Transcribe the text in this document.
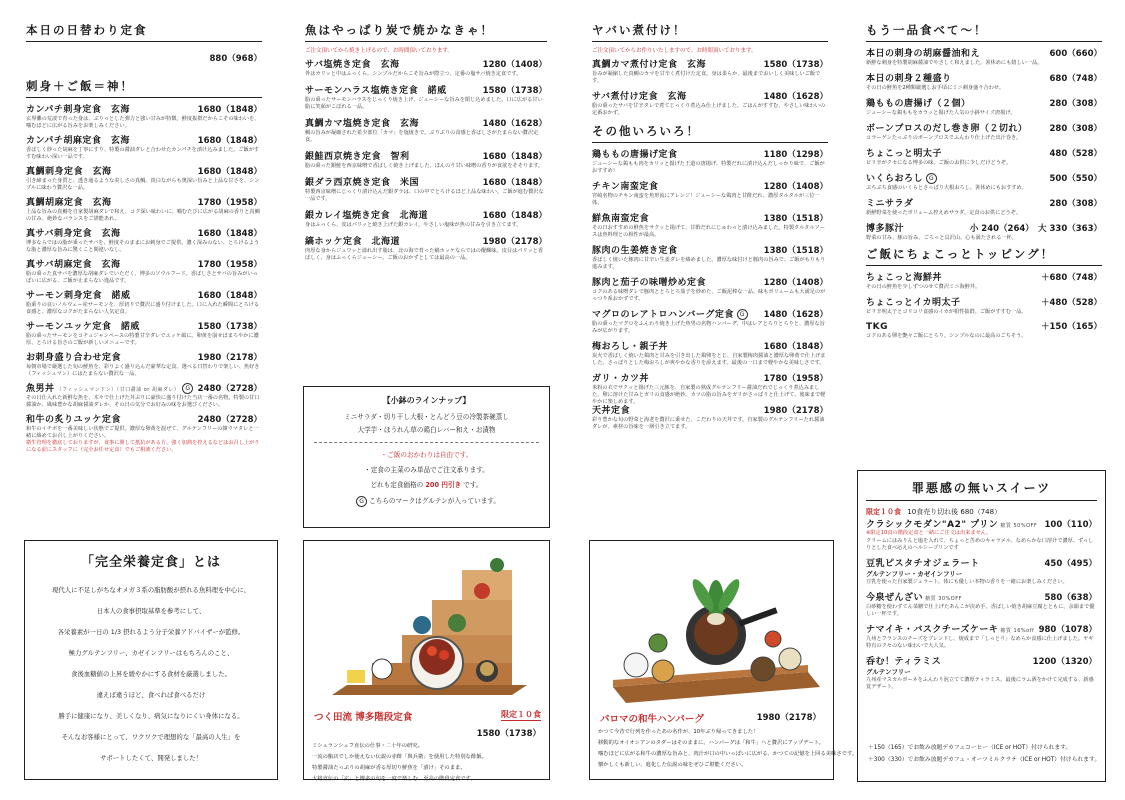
本日の日替わり定食
880（968）
刺身＋ご飯＝神！
カンパチ刺身定食　玄海	1680（1848）
玄界灘の荒波で育った身は、ぷりっとした弾力と強い甘みが特徴。鮮度抜群だからこその味わいを、噛むほどに広がる旨みをお楽しみください。
カンパチ胡麻定食　玄海	1680（1848）
香ばしく炒った胡麻を丁寧にすり、特製の醤油ダレと合わせたカンパチを漬け込みました。ご飯がすすむ味わい深い一品です。
真鯛刺身定食　玄海	1680（1848）
引き締まった身質と、透き通るような美しさの真鯛。淡白ながらも奥深い旨みと上品な甘さを、シンプルに味わう贅沢な一品。
真鯛胡麻定食　玄海	1780（1958）
上品な旨みの真鯛を自家製胡麻ダレで和え、コク深い味わいに。噛むたびに広がる胡麻の香りと真鯛の甘み、絶妙なバランスをご堪能あれ。
真サバ刺身定食　玄海	1680（1848）
博多ならではの脂が乗ったサバを、鮮度そのままにお刺身でご提供。濃く深みのない、とろけるような脂と濃厚な旨みに驚くこと間違いなし。
真サバ胡麻定食　玄海	1780（1958）
脂の乗った真サバを濃厚な胡麻ダレでいただく、博多のソウルフード。香ばしさとサバの旨みがいっぱいに広がる、ご飯が止まらない逸品です。
サーモン刺身定食　諾威	1680（1848）
脂乗りの良いノルウェー産サーモンを、厚切りで贅沢に盛り付けました。口に入れた瞬間にとろける食感と、濃厚なコクがたまらない人気定食。
サーモンユッケ定食　諾威	1580（1738）
脂の乗ったサーモンをコチュジャンベースの特製甘辛ダレでユッケ風に。卵黄を崩せばまろやかに濃厚、とろける旨さのご飯が新しいメニューです。
お刺身盛り合わせ定食	1980（2178）
毎朝市場で厳選した旬の鮮魚を、彩りよく盛り込んだ豪華な定食。選べる日替わりで楽しい、魚好き（フィッシュマン）にはたまらない贅沢な一品。
魚男丼 （フィッシュマンドン）（甘口醤油 or 胡麻ダレ） G 2480（2728）
その日仕入れた新鮮な魚を、木々で仕上げた丼ぶりに豪快に盛り付けた当店一番の名物。特製の甘口醤油か、風味豊かな胡麻醤油ダレか、その日の気分でお好みの味をお選びください。
和牛の炙りユッケ定食	2480（2728）
和牛のイチボを一番美味しい状態でご提供。濃厚な卵黄を混ぜて、グルテンフリーの韓ウマタレと一緒に絡めてお召し上がりください。
衛生管理を徹底しておりますが、食事に関して抵抗がある方、強く加熱を控えるなどはお召し上がりになる前にスタッフに（完全お任せ定食）でもご相談ください。
「完全栄養定食」とは
現代人に不足しがちなオメガ３系の脂肪酸が摂れる魚料理を中心に、
日本人の食事摂取基準を参考にして、
各栄養素が一日の 1/3 摂れるよう分子栄養アドバイザーが監修。
極力グルテンフリー、カゼインフリーはもちろんのこと、
食後血糖値の上昇を緩やかにする食材を厳選しました。
違えば違うほど、食べれば食べるだけ
勝手に健康になり、美しくなり、病気になりにくい身体になる。
そんなお客様にとって、ワクワクで理想的な「最高の人生」を
サポートしたくて、開発しました！
魚はやっぱり炭で焼かなきゃ！
ご注文頂いてから焼き上げるので、お時間頂いております。
サバ塩焼き定食　玄海	1280（1408）
外はカリッと中はふっくら。シンプルだからこそ旨みが際立つ、定番の塩サバ焼き定食です。
サーモンハラス塩焼き定食　諾威	1580（1738）
脂の乗ったサーモンハラスをじっくり焼き上げ、ジューシーな旨みを閉じ込めました。口に広がる甘い脂に笑顔がこぼれる一品。
真鯛カマ塩焼き定食　玄海	1480（1628）
鯛の旨みが凝縮された希少部位「カマ」を塩焼きで。ぷりぷりの食感と香ばしさがたまらない贅沢定食。
銀鮭西京焼き定食　智利	1680（1848）
脂の乗った銀鮭を西京味噌で香ばしく焼き上げました。ほんのり甘い味噌の香りが食欲をそそります。
銀ダラ西京焼き定食　米国	1680（1848）
特製西京味噌にじっくり漬け込んだ銀ダラは、口の中でとろけるほど上品な味わい。ご飯が進む贅沢な一品です。
銀カレイ塩焼き定食　北海道	1680（1848）
身はふっくら、皮はパリッと焼き上げた銀カレイ。やさしい塩味が魚の甘みを引き立てます。
縞ホッケ定食　北海道	1980（2178）
肉厚な身からジュワッと溢れ出す脂は、北の海で育った縞ホッケならではの醍醐味。皮目はパリッと香ばしく、身はふっくらジューシー。ご飯のおかずとしては最高の一品。
【小鉢のラインナップ】
ミニサラダ・切り干し大根・とんどう豆の冷製茶碗蒸し
大学芋・ほうれん草の鶏白レバー和え・お漬物
・ご飯のおかわりは自由です。
・定食の主菜のみ単品でご注文承ります。
どれも定食価格の 200 円引き です。
G こちらのマークはグルテンが入っています。
つく田流 博多階段定食	限定１０食
1580（1738）
ミシュランシェフ直伝の仕事・二十年の研究。
一流の鮨店でしか使えない伝説の赤酢「與兵衛」を使用した特別な酢飯。
特製醤油たっぷりの胡麻が香る厚切り鮮魚を「漬け」そのまま。
大将直伝の「玄」と博多の旬を一度で楽しむ、至高の階段定食です。
ヤバい煮付け！
ご注文頂いてからお作りいたしますので、お時間頂いております。
真鯛カマ煮付け定食　玄海	1580（1738）
旨みが凝縮した真鯛のカマを甘辛く煮付けた定食。身は柔らか、最後までおいしく美味しいご飯です。
サバ煮付け定食　玄海	1480（1628）
脂の乗ったサバを甘辛タレで煮てじっくり煮込み仕上げました。ごはんがすすむ、やさしい味わいの定番おかず。
その他いろいろ！
鶏ももの唐揚げ定食	1180（1298）
ジューシーな鶏もも肉をカリッと揚げた王道の唐揚げ。特製だれに漬け込んだしっかり味で、ご飯がおすすめ！
チキン南蛮定食	1280（1408）
宮崎名物のチキン南蛮を魚形流にアレンジ！ジューシーな鶏肉と甘酢だれ、濃厚タルタルが三位一体。
鮮魚南蛮定食	1380（1518）
その日おすすめの鮮魚をサクッと揚げて、甘酢だれにじゅわっと漬け込みました。特製タルタルソースは魚料理との相性が最高。
豚肉の生姜焼き定食	1380（1518）
香ばしく焼いた豚肉に甘辛い生姜ダレを絡めました。濃厚な味付けと豚肉の旨みで、ご飯がもりもり進みます。
豚肉と茄子の味噌炒め定食	1280（1408）
コクのある味噌ダレで豚肉ととろとろ茄子を炒めた、ご飯泥棒な一品。味もボリュームも大満足のがっつり系おかずです。
マグロのレアトロハンバーグ定食 G	1480（1628）
脂の乗ったマグロをふんわり焼き上げた魚男の名物ハンバーグ。中はレアとろりとろりと、濃厚な旨みが広がります。
梅おろし・親子丼	1680（1848）
炭火で香ばしく焼いた鶏肉と甘みを引き出した鶏卵をとじ、自家製梅肉醤油と濃厚な卵黄で仕上げました。さっぱりとした梅おろしが爽やかな香りを添えます。最後の一口まで軽やかな美味しさです。
ガリ・カツ丼	1780（1958）
米粉の衣でサクッと揚げた三元豚を、自家製の熟成グルテンフリー醤油だれでじっくり煮込みました。卵に溶けた甘みとガリの食感が絶妙。カツの脂の旨みをガリがさっぱりと仕上げて、後味まで軽やかに楽しめます。
天丼定食	1980（2178）
彩り豊かな旬の野菜と海老を贅沢に乗せた、こだわりの天丼です。自家製のグルテンフリーたれ醤油ダレが、素材の旨味を一層引き立てます。
パロマの和牛ハンバーグ	1980（2178）
かつて今昔で行列を作ったあの名作が、10年ぶり帰ってきました！
移動的なオイオシアンのタダーはそのままに、ハンバーグは「和牛」へと贅沢にアップデート。
噛むほどに広がる和牛の濃厚な旨みと、肉汁が口の中いっぱいに広がる、かつての記憶を上回る美味さです。
懐かしくも新しい、進化した伝説の味をぜひご堪能ください。
もう一品食べて〜！
本日の刺身の胡麻醤油和え	600（660）
新鮮な刺身を特製胡麻醤油でやさしく和えました。箸休めにも嬉しい一品。
本日の刺身２種盛り	680（748）
その日の鮮魚を2種類厳選しお手頃にミニ刺身盛り合わせ。
鶏ももの唐揚げ（２個）	280（308）
ジューシーな鶏ももをカラッと揚げた人気の小鉢サイズ唐揚げ。
ボーンブロスのだし巻き卵（２切れ）	280（308）
コラーゲンたっぷりのボーンブロスでふんわり仕上げた出汁巻き。
ちょこっと明太子	480（528）
ピリ辛がクセになる博多の味。ご飯のお供に少しだけどうぞ。
いくらおろし G	500（550）
ぷちぷち食感のいくらとさっぱり大根おろし。箸休めにもおすすめ。
ミニサラダ	280（308）
新鮮野菜を使ったボリューム控えめサラダ。定食のお供にどうぞ。
博多豚汁	小 240（264）　大 330（363）
野菜の甘み、豚の旨み、ごろっと具沢山、心も満たされる一杯。
ご飯にちょこっとトッピング！
ちょこっと海鮮丼	＋680（748）
その日の鮮魚を少しずつのせて贅沢ミニ海鮮丼。
ちょこっとイカ明太子	＋480（528）
ピリ辛明太子とコリコリ食感のイカが相性抜群。ご飯がすすむ一品。
TKG	＋150（165）
コクのある卵を艶々ご飯にとろり。シンプルなのに最高のごちそう。
罪悪感の無いスイーツ
限定１０食 10食売り切れ後 680（748）
クラシックモダン"A2" プリン 糖質 50%OFF 100（110）
※限定10食の階段定食と一緒にご注文は出来ません。
クリームにはみりんと塩を入れて、ちょっと苦めのキャラメル。なめらかな口溶けで濃厚、ずっしりとした食べ応えのヘルシープリンです
豆乳ピスタチオジェラート	450（495）
グルテンフリー・カゼインフリー
豆乳を使った自家製ジェラート。体にも優しい本物の香りを一緒にお楽しみください。
今泉ぜんざい 糖質 30%OFF	580（638）
白砂糖を使わずてん菜糖で仕上げたあんこが決め手。香ばしい焼き胡麻豆腐とともに、余韻まで優しい一杯です。
ナマイキ・バスクチーズケーキ 糖質 16%off 980（1078）
九州とフランスのチーズをブレンドし、焼成まで「しっとり」なめらか食感に仕上げました。ヤギ特有のクセのない味わいで大人気。
呑む！ティラミス	1200（1320）
グルテンフリー
九州産マスカルポーネをふんわり泡立てて濃厚ティラミス。最後にラム酒をかけて完成する、新感覚デザート。
＋150（165）でお飲み放題デカフェコーヒー（ICE or HOT）付けられます。
＋300（330）でお飲み放題デカフェ・オーツミルクラテ（ICE or HOT）付けられます。
